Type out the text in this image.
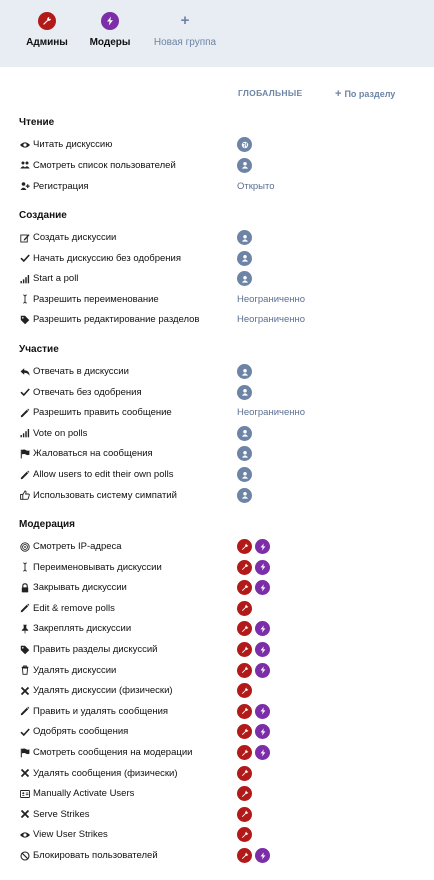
Админы	Модеры
+
Новая группа
ГЛОБАЛЬНЫЕ	+ По разделу
Чтение
Читать дискуссию
Смотреть список пользователей
Регистрация	Открыто
Создание
Создать дискуссии
Начать дискуссию без одобрения
Start a poll
Разрешить переименование	Неограниченно
Разрешить редактирование разделов	Неограниченно
Участие
Отвечать в дискуссии
Отвечать без одобрения
Разрешить править сообщение	Неограниченно
Vote on polls
Жаловаться на сообщения
Allow users to edit their own polls
Использовать систему симпатий
Модерация
Смотреть IP-адреса
Переименовывать дискуссии
Закрывать дискуссии
Edit & remove polls
Закреплять дискуссии
Править разделы дискуссий
Удалять дискуссии
Удалять дискуссии (физически)
Править и удалять сообщения
Одобрять сообщения
Смотреть сообщения на модерации
Удалять сообщения (физически)
Manually Activate Users
Serve Strikes
View User Strikes
Блокировать пользователей
